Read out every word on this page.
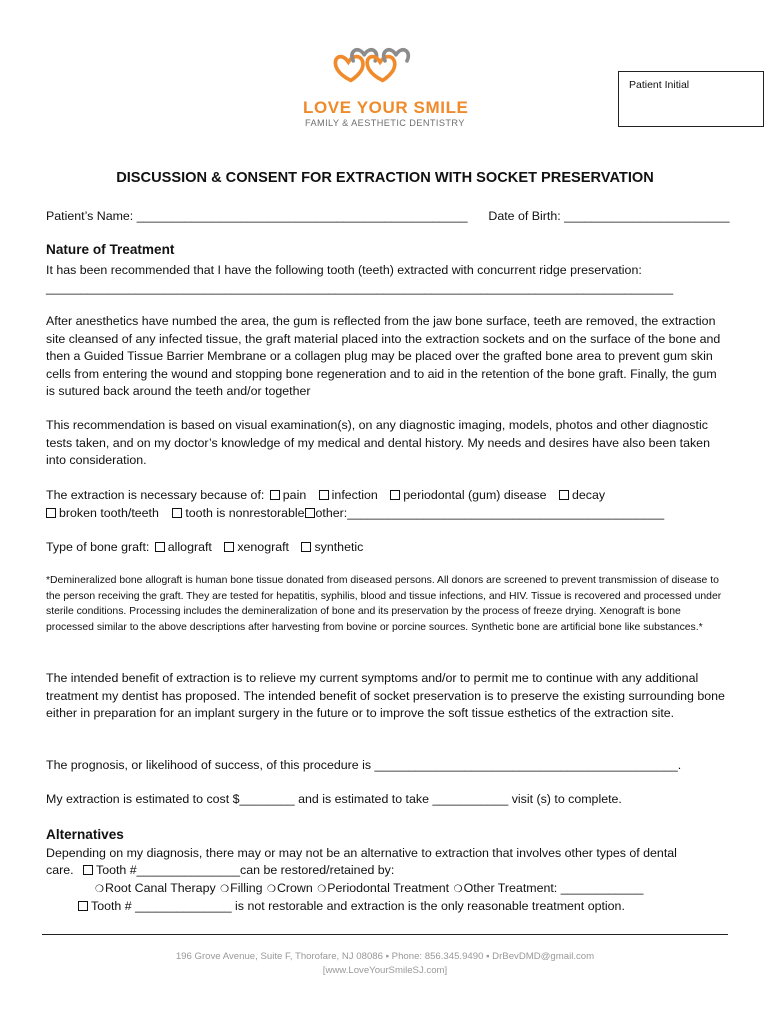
LOVE YOUR SMILE
FAMILY & AESTHETIC DENTISTRY
Patient Initial
DISCUSSION & CONSENT FOR EXTRACTION WITH SOCKET PRESERVATION
Patient’s Name: ________________________________________________ Date of Birth: ________________________
Nature of Treatment
It has been recommended that I have the following tooth (teeth) extracted with concurrent ridge preservation:
___________________________________________________________________________________________
After anesthetics have numbed the area, the gum is reflected from the jaw bone surface, teeth are removed, the extraction site cleansed of any infected tissue, the graft material placed into the extraction sockets and on the surface of the bone and then a Guided Tissue Barrier Membrane or a collagen plug may be placed over the grafted bone area to prevent gum skin cells from entering the wound and stopping bone regeneration and to aid in the retention of the bone graft. Finally, the gum is sutured back around the teeth and/or together
This recommendation is based on visual examination(s), on any diagnostic imaging, models, photos and other diagnostic tests taken, and on my doctor’s knowledge of my medical and dental history. My needs and desires have also been taken into consideration.
The extraction is necessary because of: pain infection periodontal (gum) disease decay
broken tooth/teeth tooth is nonrestorable other:______________________________________________
Type of bone graft: allograft xenograft synthetic
*Demineralized bone allograft is human bone tissue donated from diseased persons. All donors are screened to prevent transmission of disease to the person receiving the graft. They are tested for hepatitis, syphilis, blood and tissue infections, and HIV. Tissue is recovered and processed under sterile conditions. Processing includes the demineralization of bone and its preservation by the process of freeze drying. Xenograft is bone processed similar to the above descriptions after harvesting from bovine or porcine sources. Synthetic bone are artificial bone like substances.*
The intended benefit of extraction is to relieve my current symptoms and/or to permit me to continue with any additional treatment my dentist has proposed. The intended benefit of socket preservation is to preserve the existing surrounding bone either in preparation for an implant surgery in the future or to improve the soft tissue esthetics of the extraction site.
The prognosis, or likelihood of success, of this procedure is ____________________________________________.
My extraction is estimated to cost $________ and is estimated to take ___________ visit (s) to complete.
Alternatives
Depending on my diagnosis, there may or may not be an alternative to extraction that involves other types of dental
care. Tooth #_______________can be restored/retained by:
❍Root Canal Therapy ❍Filling ❍Crown ❍Periodontal Treatment ❍Other Treatment: ____________
Tooth # ______________ is not restorable and extraction is the only reasonable treatment option.
196 Grove Avenue, Suite F, Thorofare, NJ 08086 ▪ Phone: 856.345.9490 ▪ DrBevDMD@gmail.com
[www.LoveYourSmileSJ.com]
